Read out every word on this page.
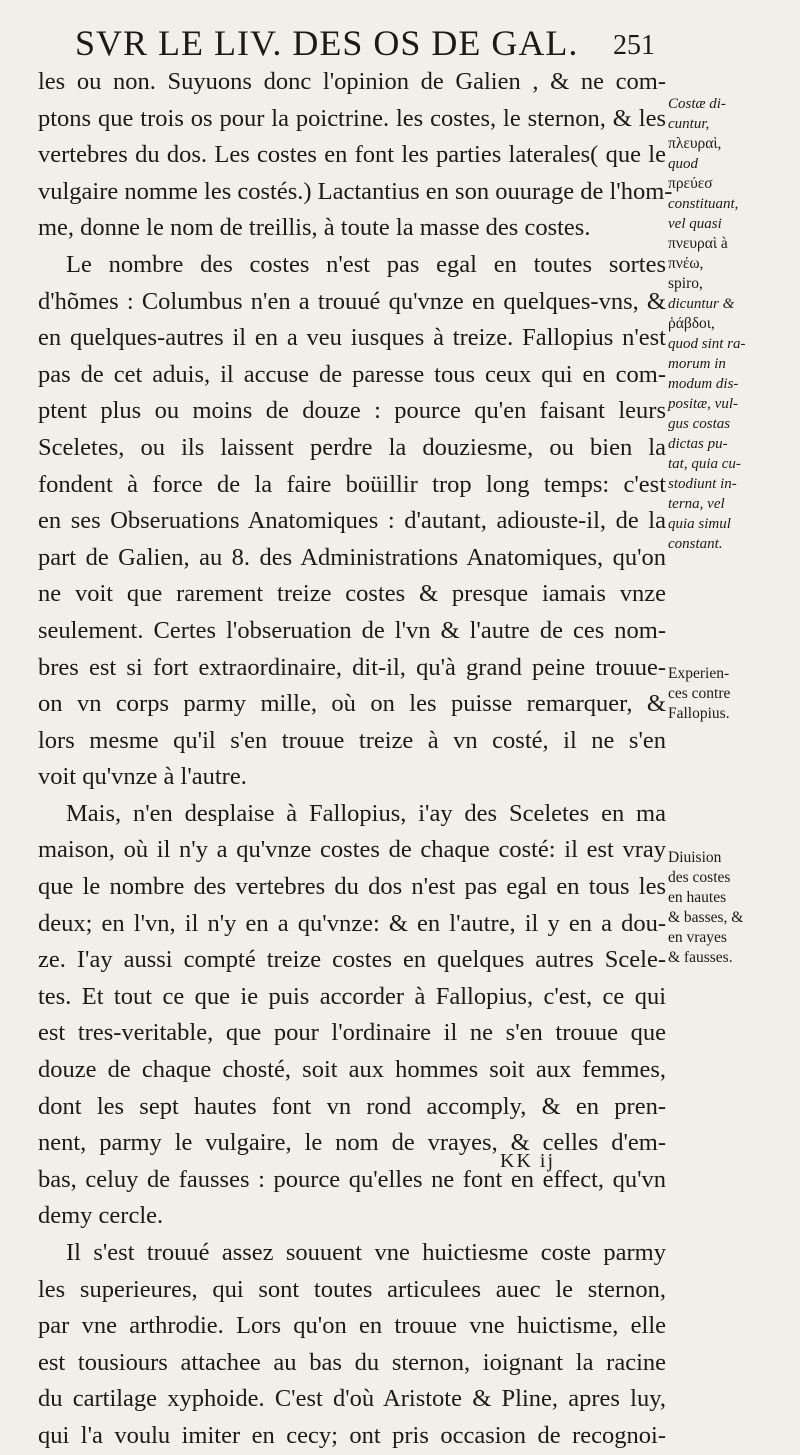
SVR LE LIV. DES OS DE GAL. 251
les ou non. Suyuons donc l'opinion de Galien , & ne com-
ptons que trois os pour la poictrine. les costes, le sternon, & les
vertebres du dos. Les costes en font les parties laterales( que le
vulgaire nomme les costés.) Lactantius en son ouurage de l'hom-
me, donne le nom de treillis, à toute la masse des costes.
Le nombre des costes n'est pas egal en toutes sortes
d'hõmes : Columbus n'en a trouué qu'vnze en quelques-vns, &
en quelques-autres il en a veu iusques à treize. Fallopius n'est
pas de cet aduis, il accuse de paresse tous ceux qui en com-
ptent plus ou moins de douze : pource qu'en faisant leurs
Sceletes, ou ils laissent perdre la douziesme, ou bien la
fondent à force de la faire boüillir trop long temps: c'est
en ses Obseruations Anatomiques : d'autant, adiouste-il, de la
part de Galien, au 8. des Administrations Anatomiques, qu'on
ne voit que rarement treize costes & presque iamais vnze
seulement. Certes l'obseruation de l'vn & l'autre de ces nom-
bres est si fort extraordinaire, dit-il, qu'à grand peine trouue-
on vn corps parmy mille, où on les puisse remarquer, &
lors mesme qu'il s'en trouue treize à vn costé, il ne s'en
voit qu'vnze à l'autre.
Mais, n'en desplaise à Fallopius, i'ay des Sceletes en ma
maison, où il n'y a qu'vnze costes de chaque costé: il est vray
que le nombre des vertebres du dos n'est pas egal en tous les
deux; en l'vn, il n'y en a qu'vnze: & en l'autre, il y en a dou-
ze. I'ay aussi compté treize costes en quelques autres Scele-
tes. Et tout ce que ie puis accorder à Fallopius, c'est, ce qui
est tres-veritable, que pour l'ordinaire il ne s'en trouue que
douze de chaque chosté, soit aux hommes soit aux femmes,
dont les sept hautes font vn rond accomply, & en pren-
nent, parmy le vulgaire, le nom de vrayes, & celles d'em-
bas, celuy de fausses : pource qu'elles ne font en effect, qu'vn
demy cercle.
Il s'est trouué assez souuent vne huictiesme coste parmy
les superieures, qui sont toutes articulees auec le sternon,
par vne arthrodie. Lors qu'on en trouue vne huictisme, elle
est tousiours attachee au bas du sternon, ioignant la racine
du cartilage xyphoide. C'est d'où Aristote & Pline, apres luy,
qui l'a voulu imiter en cecy; ont pris occasion de recognoi-
Costæ di-
cuntur,
πλευραὶ,
quod
πρεύεσ
constituant,
vel quasi
πνευραὶ à
πνέω,
spiro,
dicuntur &
ῥάβδοι,
quod sint ra-
morum in
modum dis-
positæ, vul-
gus costas
dictas pu-
tat, quia cu-
stodiunt in-
terna, vel
quia simul
constant.
Experien-
ces contre
Fallopius.
Diuision
des costes
en hautes
& basses, &
en vrayes
& fausses.
KK ij
